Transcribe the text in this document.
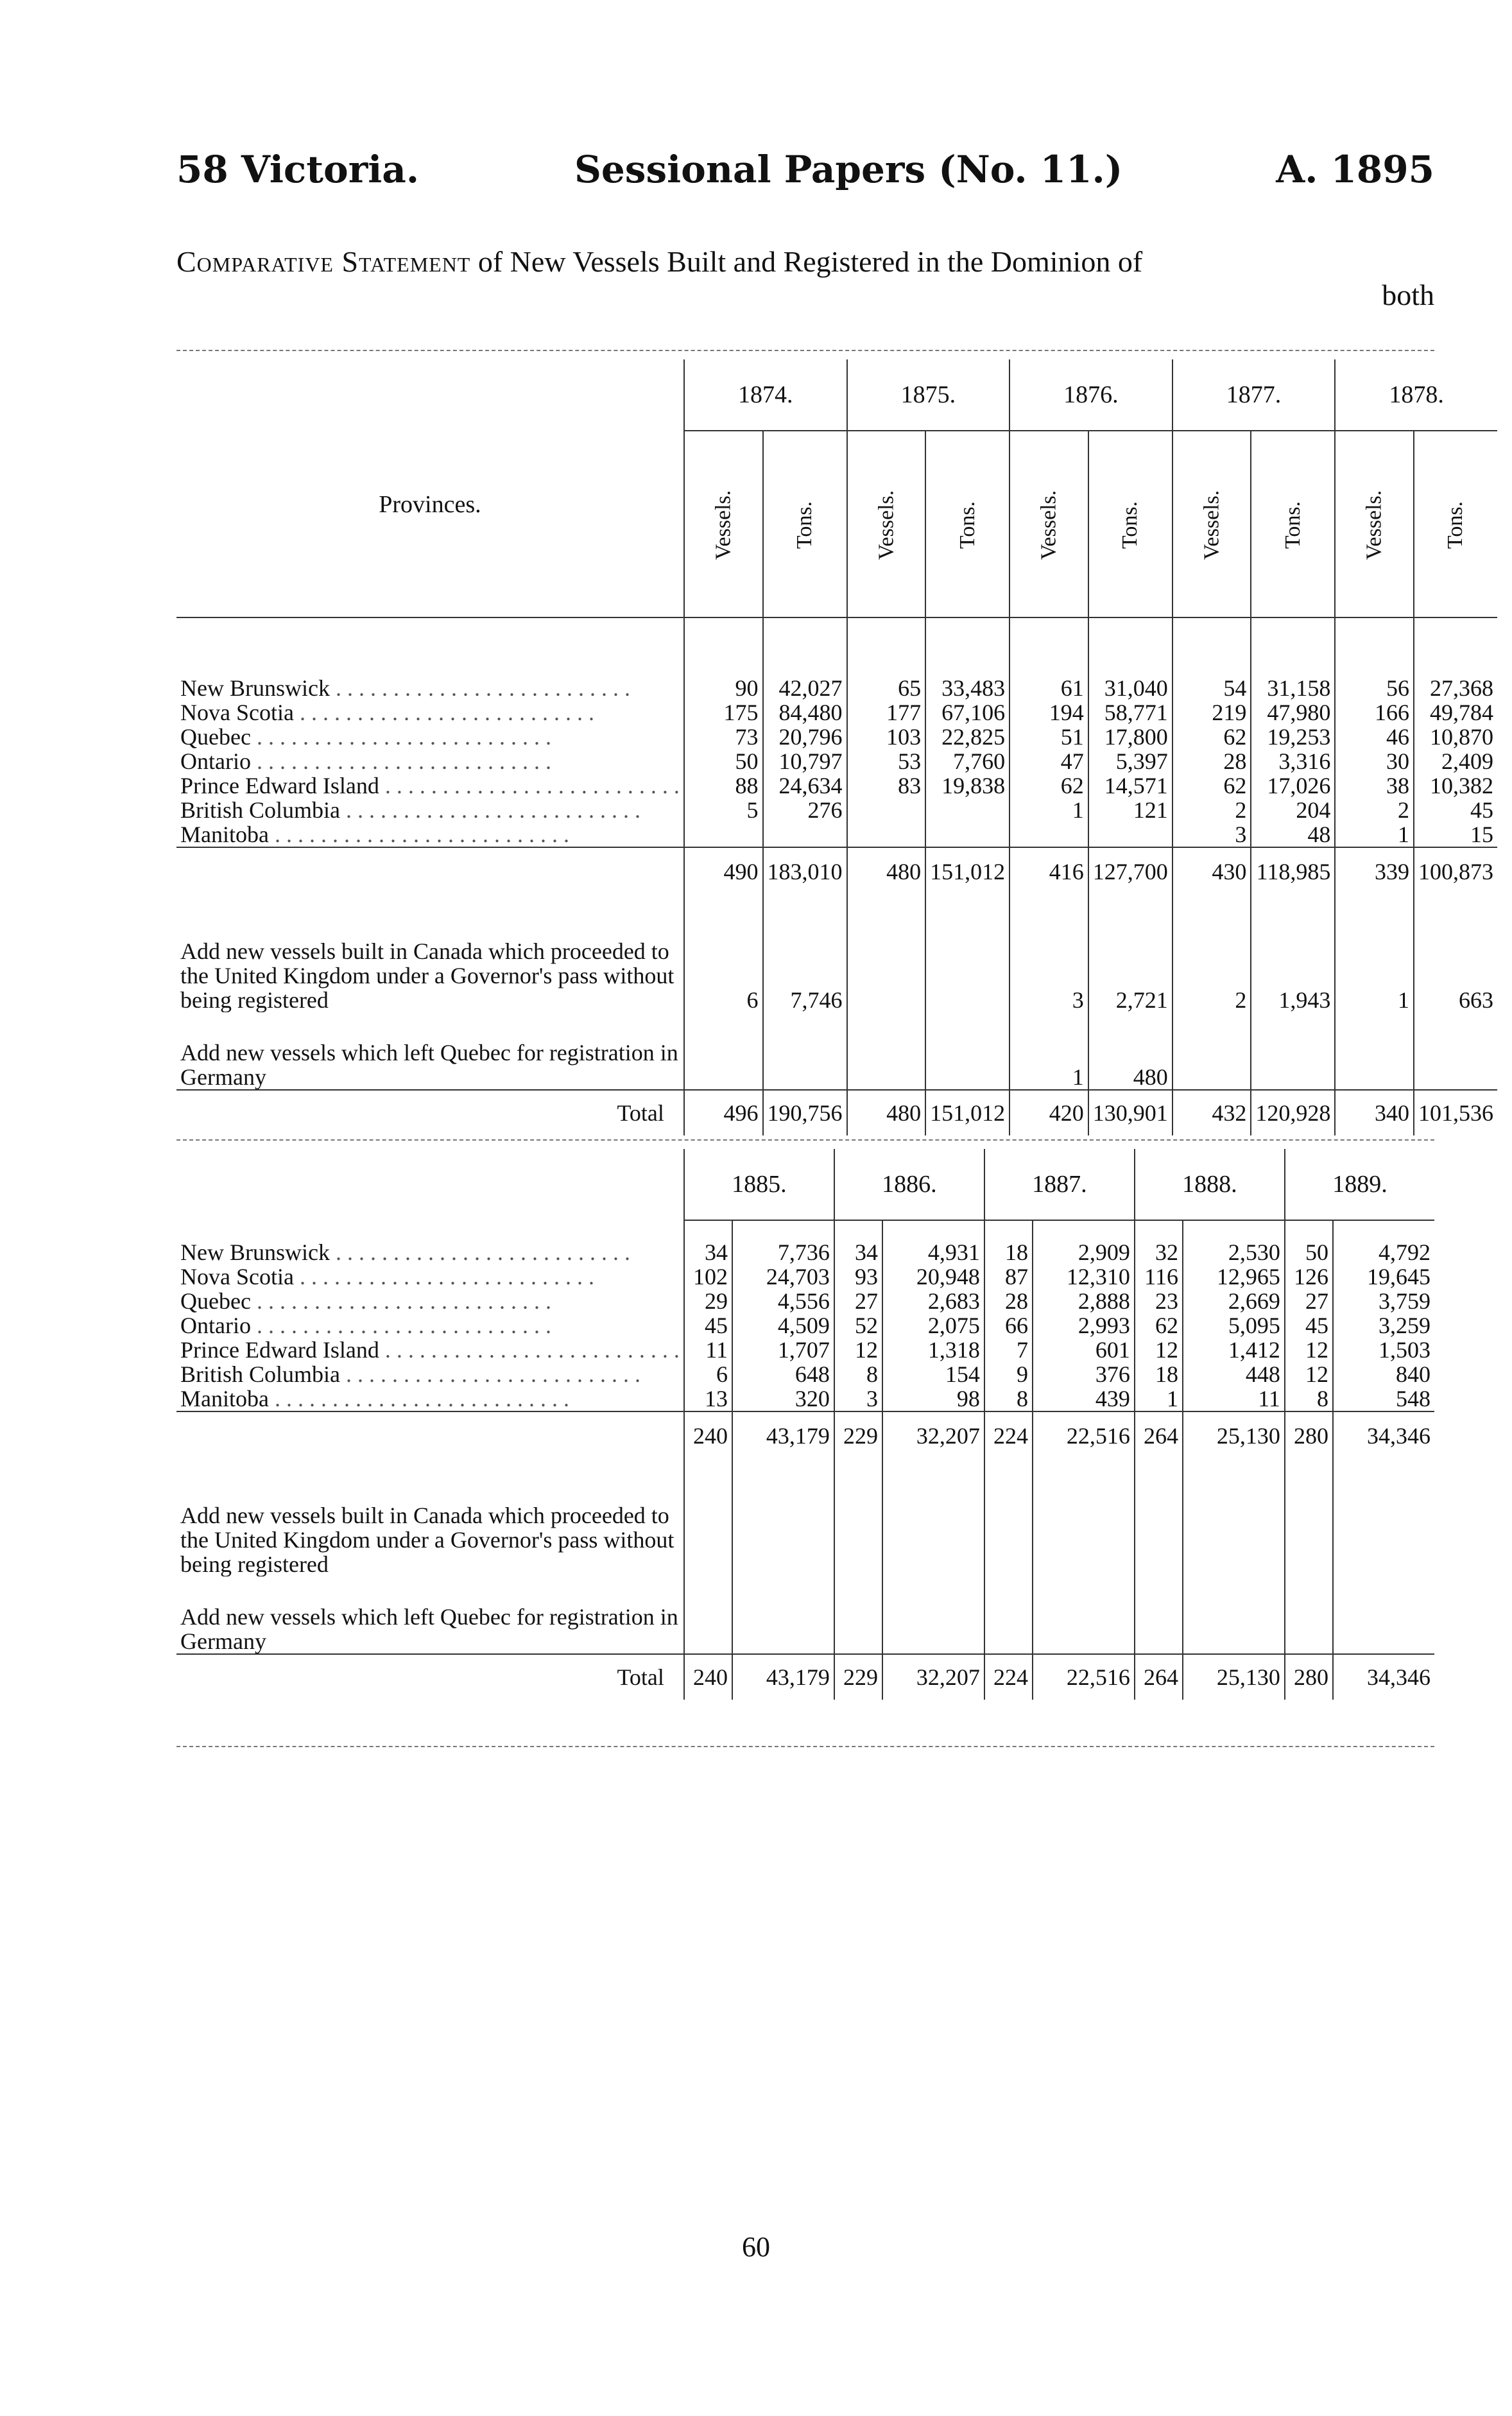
58 Victoria.	Sessional Papers (No. 11.)	A. 1895
Comparative Statement of New Vessels Built and Registered in the Dominion of
both
	1874.		1875.		1876.		1877.		1878.	
Provinces.	Vessels.	Tons.	Vessels.	Tons.	Vessels.	Tons.	Vessels.	Tons.	Vessels.	Tons.

New Brunswick . . .	90	42,027	65	33,483	61	31,040	54	31,158	56	27,368
Nova Scotia . . .	175	84,480	177	67,106	194	58,771	219	47,980	166	49,784
Quebec . . .	73	20,796	103	22,825	51	17,800	62	19,253	46	10,870
Ontario . . .	50	10,797	53	7,760	47	5,397	28	3,316	30	2,409
Prince Edward Island . . .	88	24,634	83	19,838	62	14,571	62	17,026	38	10,382
British Columbia . . .	5	276			1	121	2	204	2	45
Manitoba . . .							3	48	1	15
	490	183,010	480	151,012	416	127,700	430	118,985	339	100,873
Add new vessels built in Canada which proceeded to the United Kingdom under a Governor's pass without being registered	6	7,746			3	2,721	2	1,943	1	663
Add new vessels which left Quebec for registration in Germany					1	480				
Total	496	190,756	480	151,012	420	130,901	432	120,928	340	101,536
	1885.		1886.		1887.		1888.		1889.	

New Brunswick . . .	34	7,736	34	4,931	18	2,909	32	2,530	50	4,792
Nova Scotia . . .	102	24,703	93	20,948	87	12,310	116	12,965	126	19,645
Quebec . . .	29	4,556	27	2,683	28	2,888	23	2,669	27	3,759
Ontario . . .	45	4,509	52	2,075	66	2,993	62	5,095	45	3,259
Prince Edward Island . . .	11	1,707	12	1,318	7	601	12	1,412	12	1,503
British Columbia . . .	6	648	8	154	9	376	18	448	12	840
Manitoba . . .	13	320	3	98	8	439	1	11	8	548
	240	43,179	229	32,207	224	22,516	264	25,130	280	34,346
Add new vessels built in Canada which proceeded to the United Kingdom under a Governor's pass without being registered										
Add new vessels which left Quebec for registration in Germany										
Total	240	43,179	229	32,207	224	22,516	264	25,130	280	34,346
60
